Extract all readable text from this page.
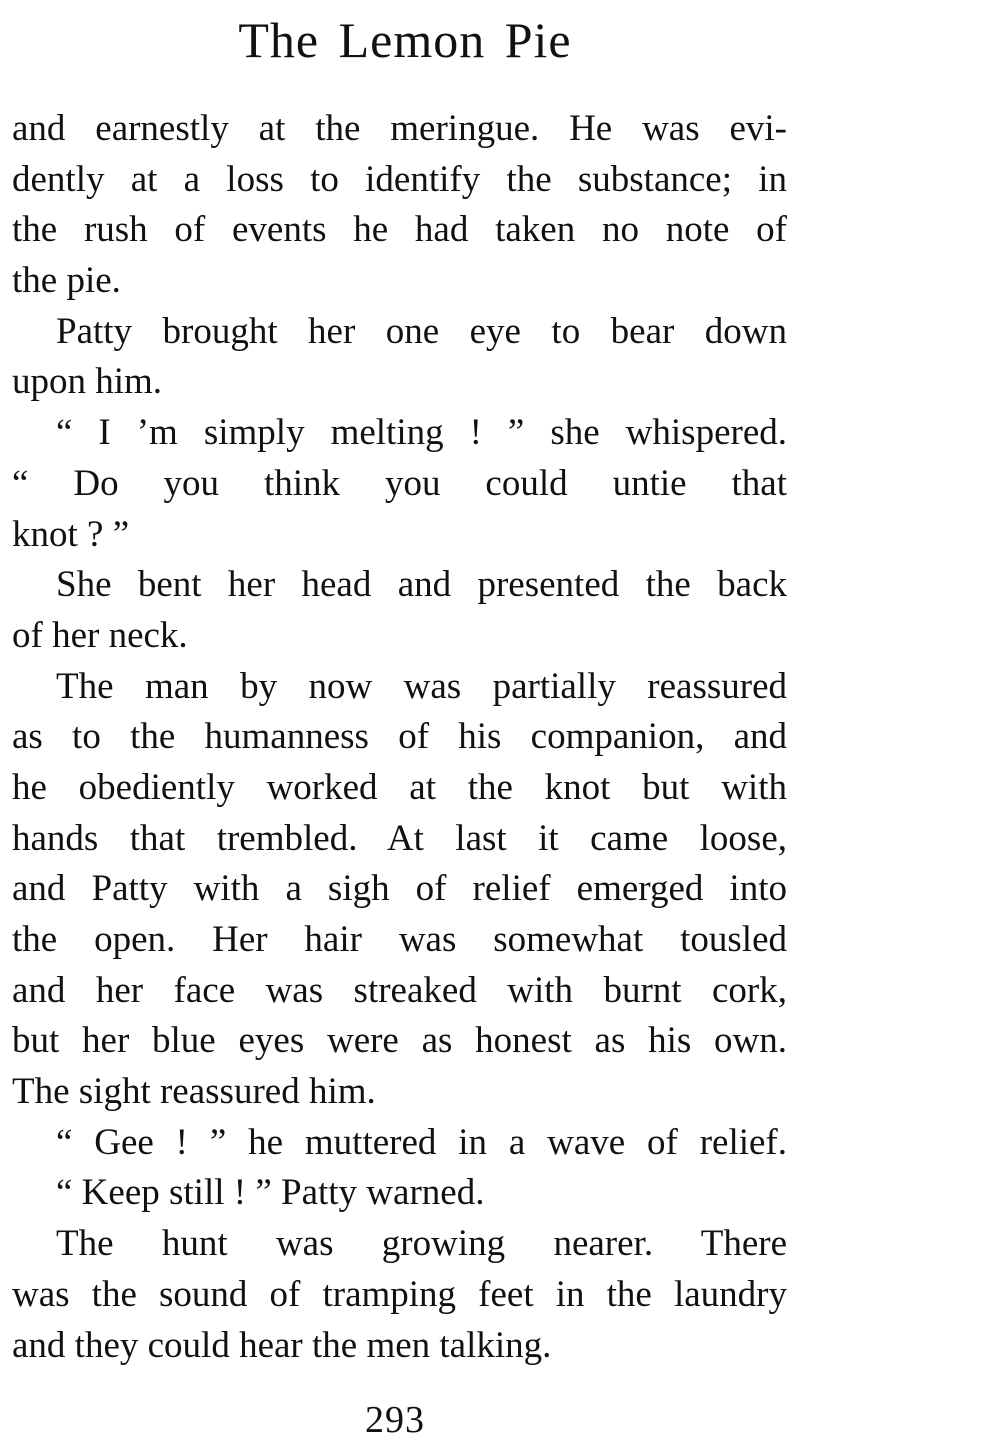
The Lemon Pie
and earnestly at the meringue. He was evi-
dently at a loss to identify the substance; in
the rush of events he had taken no note of
the pie.
Patty brought her one eye to bear down
upon him.
“ I ’m simply melting ! ” she whispered.
“ Do you think you could untie that
knot ? ”
She bent her head and presented the back
of her neck.
The man by now was partially reassured
as to the humanness of his companion, and
he obediently worked at the knot but with
hands that trembled. At last it came loose,
and Patty with a sigh of relief emerged into
the open. Her hair was somewhat tousled
and her face was streaked with burnt cork,
but her blue eyes were as honest as his own.
The sight reassured him.
“ Gee ! ” he muttered in a wave of relief.
“ Keep still ! ” Patty warned.
The hunt was growing nearer. There
was the sound of tramping feet in the laundry
and they could hear the men talking.
293
